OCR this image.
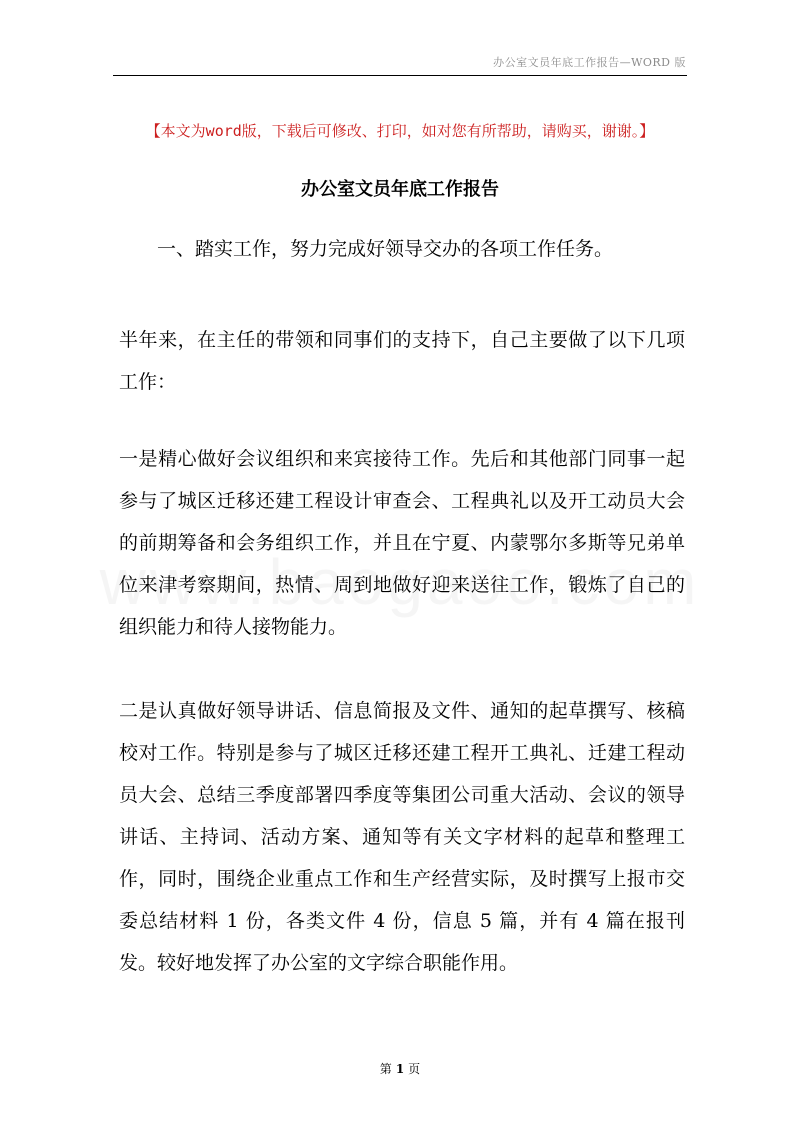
办公室文员年底工作报告—WORD 版
【本文为word版，下载后可修改、打印，如对您有所帮助，请购买，谢谢。】
办公室文员年底工作报告
一、踏实工作，努力完成好领导交办的各项工作任务。
半年来，在主任的带领和同事们的支持下，自己主要做了以下几项工作：
一是精心做好会议组织和来宾接待工作。先后和其他部门同事一起参与了城区迁移还建工程设计审查会、工程典礼以及开工动员大会的前期筹备和会务组织工作，并且在宁夏、内蒙鄂尔多斯等兄弟单位来津考察期间，热情、周到地做好迎来送往工作，锻炼了自己的组织能力和待人接物能力。
二是认真做好领导讲话、信息简报及文件、通知的起草撰写、核稿校对工作。特别是参与了城区迁移还建工程开工典礼、迁建工程动员大会、总结三季度部署四季度等集团公司重大活动、会议的领导讲话、主持词、活动方案、通知等有关文字材料的起草和整理工作，同时，围绕企业重点工作和生产经营实际，及时撰写上报市交委总结材料 1 份，各类文件 4 份，信息 5 篇，并有 4 篇在报刊发。较好地发挥了办公室的文字综合职能作用。
第 1 页
